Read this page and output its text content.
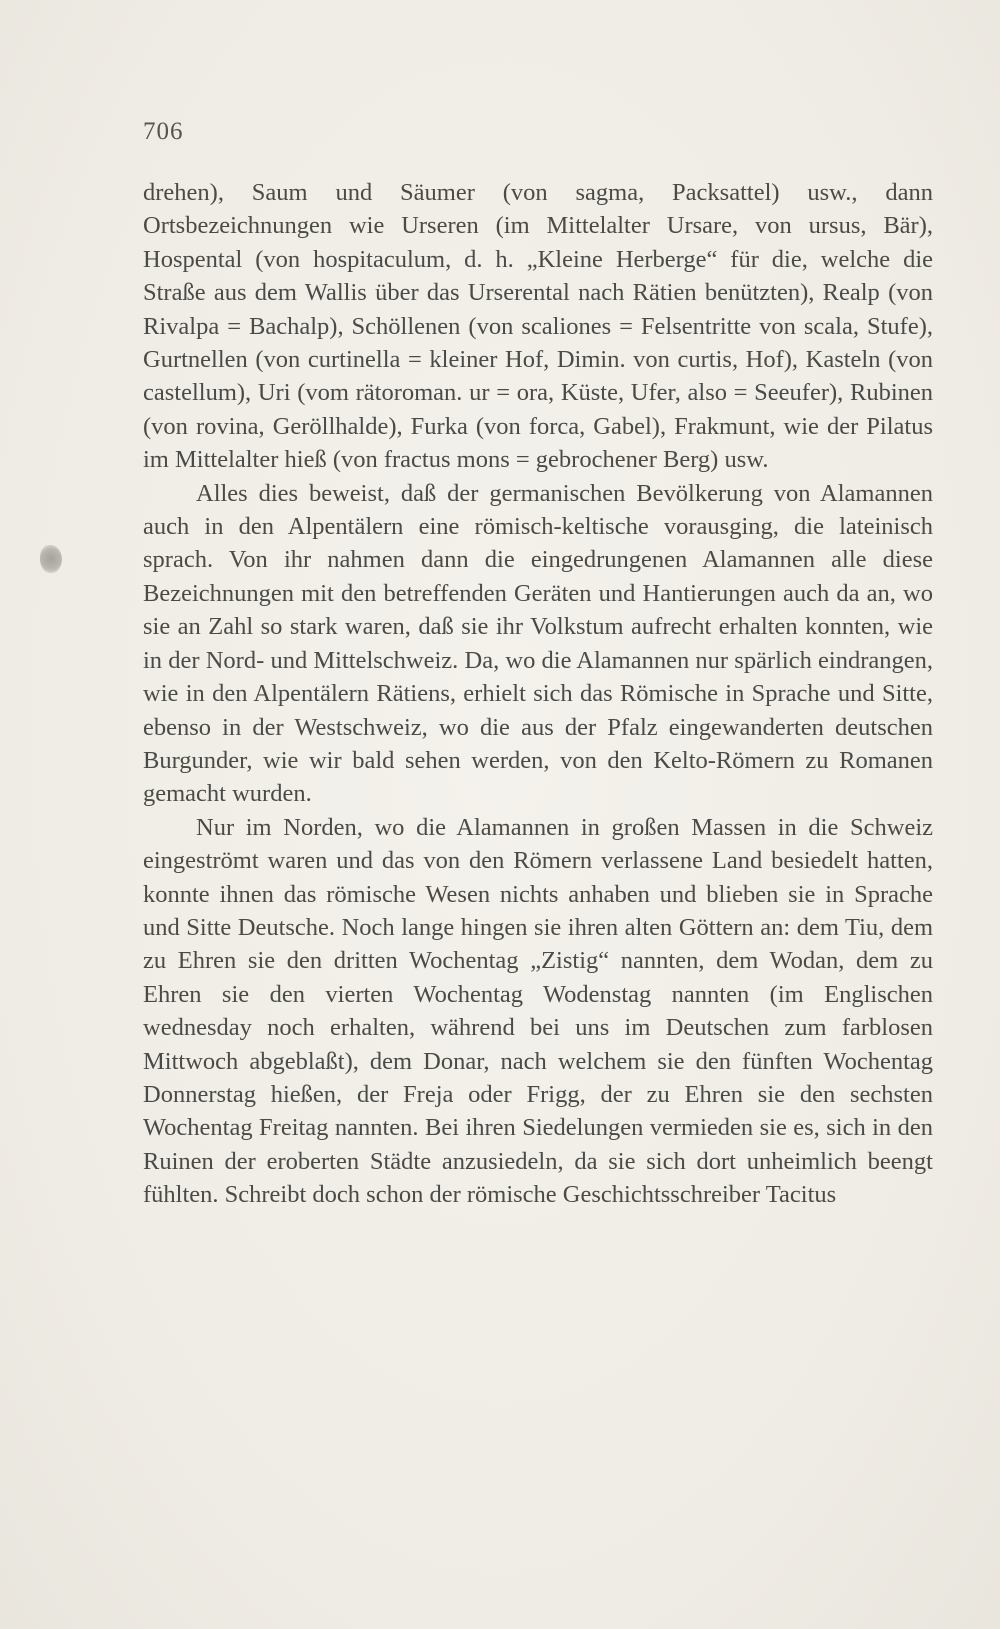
706

drehen), Saum und Säumer (von sagma, Packsattel) usw., dann Ortsbezeichnungen wie Urseren (im Mittelalter Ursare, von ursus, Bär), Hospental (von hospitaculum, d. h. „Kleine Herberge“ für die, welche die Straße aus dem Wallis über das Urserental nach Rätien benützten), Realp (von Rivalpa = Bachalp), Schöllenen (von scaliones = Felsentritte von scala, Stufe), Gurtnellen (von curtinella = kleiner Hof, Dimin. von curtis, Hof), Kasteln (von castellum), Uri (vom rätoroman. ur = ora, Küste, Ufer, also = Seeufer), Rubinen (von rovina, Geröllhalde), Furka (von forca, Gabel), Frakmunt, wie der Pilatus im Mittelalter hieß (von fractus mons = gebrochener Berg) usw.

Alles dies beweist, daß der germanischen Bevölkerung von Alamannen auch in den Alpentälern eine römisch-keltische vorausging, die lateinisch sprach. Von ihr nahmen dann die eingedrungenen Alamannen alle diese Bezeichnungen mit den betreffenden Geräten und Hantierungen auch da an, wo sie an Zahl so stark waren, daß sie ihr Volkstum aufrecht erhalten konnten, wie in der Nord- und Mittelschweiz. Da, wo die Alamannen nur spärlich eindrangen, wie in den Alpentälern Rätiens, erhielt sich das Römische in Sprache und Sitte, ebenso in der Westschweiz, wo die aus der Pfalz eingewanderten deutschen Burgunder, wie wir bald sehen werden, von den Kelto-Römern zu Romanen gemacht wurden.

Nur im Norden, wo die Alamannen in großen Massen in die Schweiz eingeströmt waren und das von den Römern verlassene Land besiedelt hatten, konnte ihnen das römische Wesen nichts anhaben und blieben sie in Sprache und Sitte Deutsche. Noch lange hingen sie ihren alten Göttern an: dem Tiu, dem zu Ehren sie den dritten Wochentag „Zistig“ nannten, dem Wodan, dem zu Ehren sie den vierten Wochentag Wodenstag nannten (im Englischen wednesday noch erhalten, während bei uns im Deutschen zum farblosen Mittwoch abgeblaßt), dem Donar, nach welchem sie den fünften Wochentag Donnerstag hießen, der Freja oder Frigg, der zu Ehren sie den sechsten Wochentag Freitag nannten. Bei ihren Siedelungen vermieden sie es, sich in den Ruinen der eroberten Städte anzusiedeln, da sie sich dort unheimlich beengt fühlten. Schreibt doch schon der römische Geschichtsschreiber Tacitus
